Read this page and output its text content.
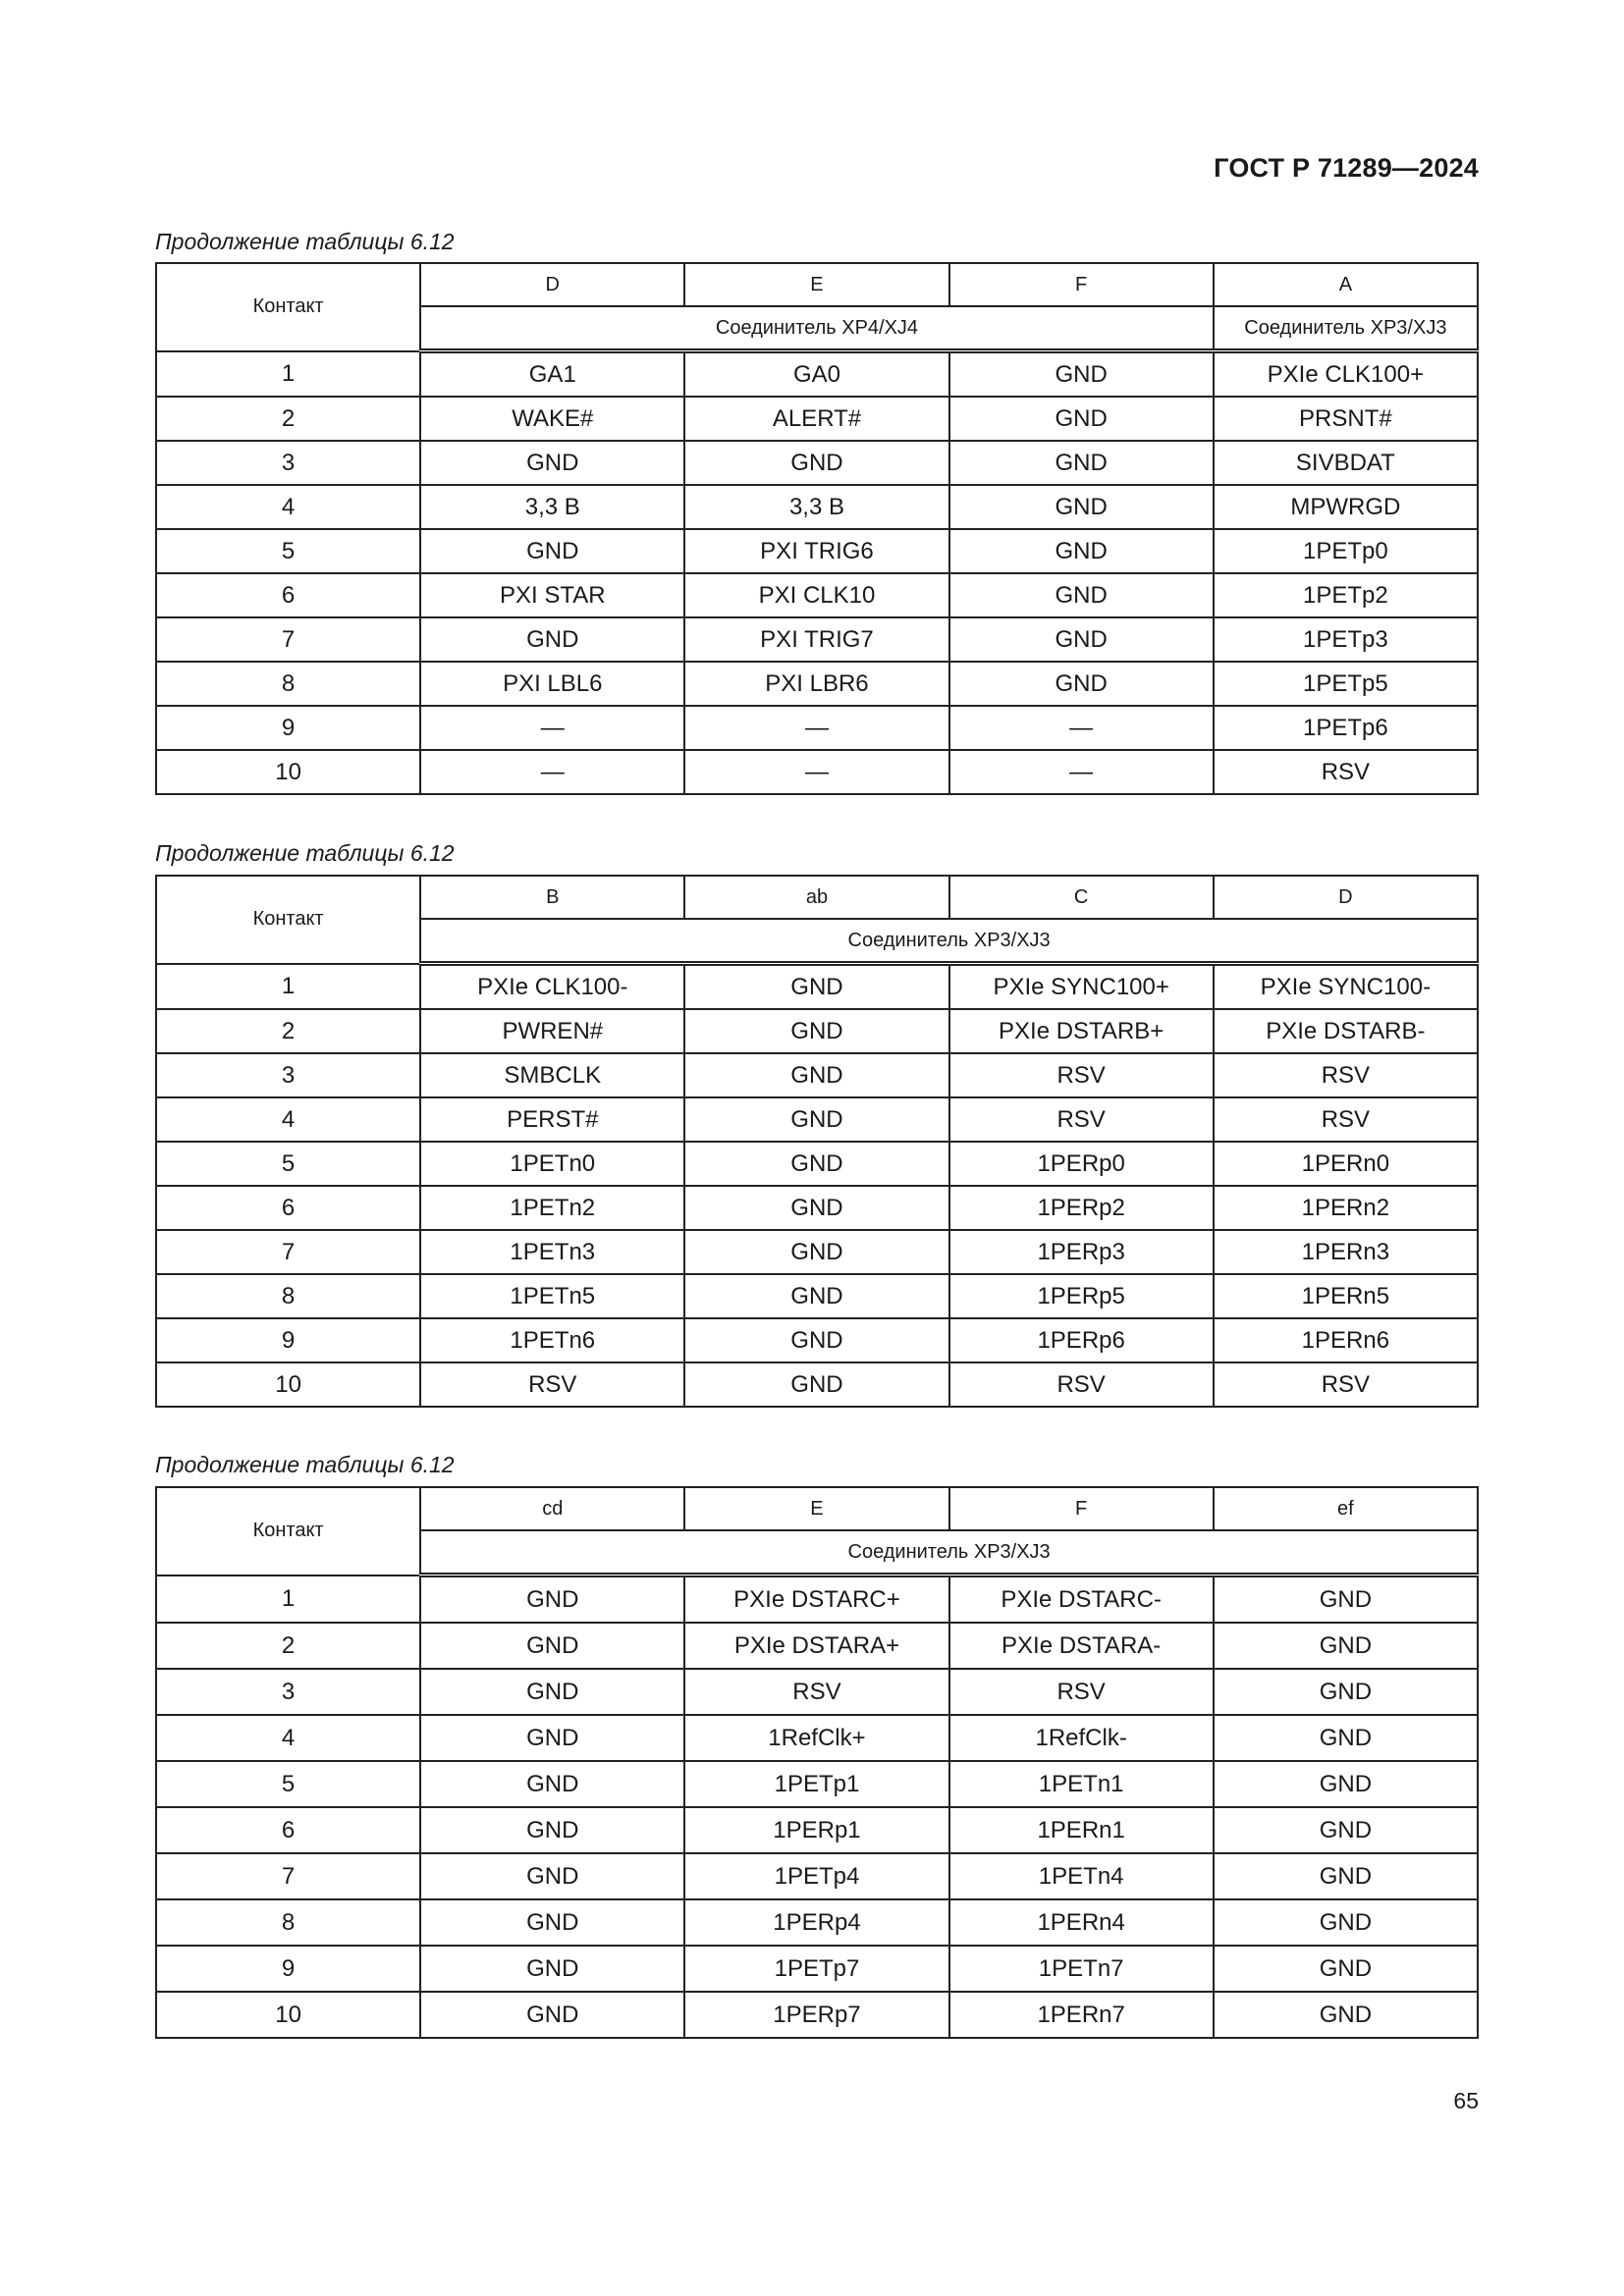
ГОСТ Р 71289—2024
Продолжение таблицы 6.12
Контакт	D	E	F	A
	Соединитель XP4/XJ4			Соединитель XP3/XJ3
1	GA1	GA0	GND	PXIe CLK100+
2	WAKE#	ALERT#	GND	PRSNT#
3	GND	GND	GND	SIVBDAT
4	3,3 В	3,3 В	GND	MPWRGD
5	GND	PXI TRIG6	GND	1PETp0
6	PXI STAR	PXI CLK10	GND	1PETp2
7	GND	PXI TRIG7	GND	1PETp3
8	PXI LBL6	PXI LBR6	GND	1PETp5
9	—	—	—	1PETp6
10	—	—	—	RSV
Продолжение таблицы 6.12
Контакт	B	ab	C	D
	Соединитель XP3/XJ3			
1	PXIe CLK100-	GND	PXIe SYNC100+	PXIe SYNC100-
2	PWREN#	GND	PXIe DSTARB+	PXIe DSTARB-
3	SMBCLK	GND	RSV	RSV
4	PERST#	GND	RSV	RSV
5	1PETn0	GND	1PERp0	1PERn0
6	1PETn2	GND	1PERp2	1PERn2
7	1PETn3	GND	1PERp3	1PERn3
8	1PETn5	GND	1PERp5	1PERn5
9	1PETn6	GND	1PERp6	1PERn6
10	RSV	GND	RSV	RSV
Продолжение таблицы 6.12
Контакт	cd	E	F	ef
	Соединитель XP3/XJ3			
1	GND	PXIe DSTARC+	PXIe DSTARC-	GND
2	GND	PXIe DSTARA+	PXIe DSTARA-	GND
3	GND	RSV	RSV	GND
4	GND	1RefClk+	1RefClk-	GND
5	GND	1PETp1	1PETn1	GND
6	GND	1PERp1	1PERn1	GND
7	GND	1PETp4	1PETn4	GND
8	GND	1PERp4	1PERn4	GND
9	GND	1PETp7	1PETn7	GND
10	GND	1PERp7	1PERn7	GND
65
